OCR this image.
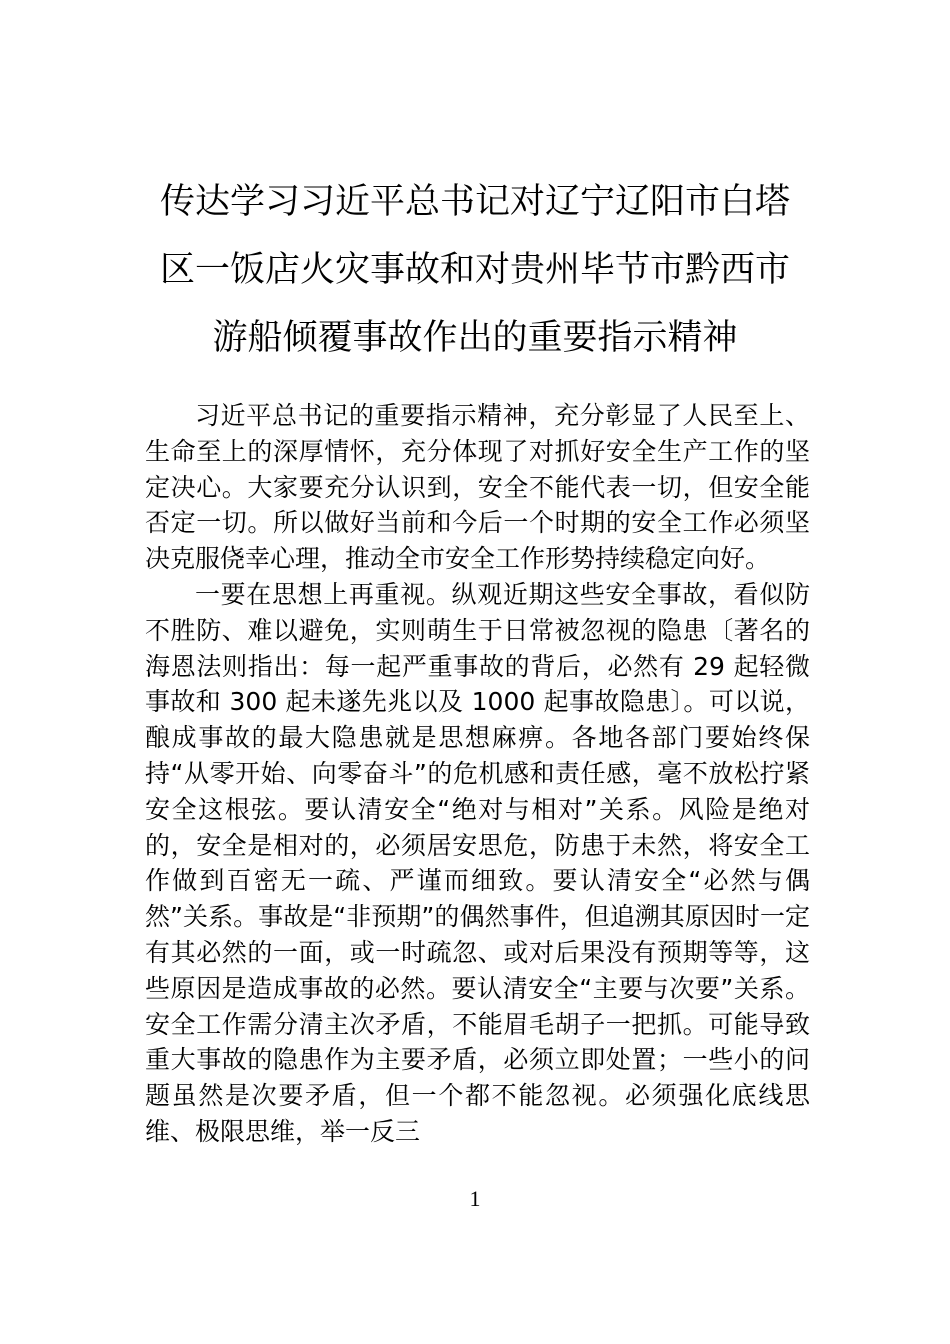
传达学习习近平总书记对辽宁辽阳市白塔
区一饭店火灾事故和对贵州毕节市黔西市
游船倾覆事故作出的重要指示精神

习近平总书记的重要指示精神，充分彰显了人民至上、生命至上的深厚情怀，充分体现了对抓好安全生产工作的坚定决心。大家要充分认识到，安全不能代表一切，但安全能否定一切。所以做好当前和今后一个时期的安全工作必须坚决克服侥幸心理，推动全市安全工作形势持续稳定向好。

一要在思想上再重视。纵观近期这些安全事故，看似防不胜防、难以避免，实则萌生于日常被忽视的隐患〔著名的海恩法则指出：每一起严重事故的背后，必然有 29 起轻微事故和 300 起未遂先兆以及 1000 起事故隐患〕。可以说，酿成事故的最大隐患就是思想麻痹。各地各部门要始终保持“从零开始、向零奋斗”的危机感和责任感，毫不放松拧紧安全这根弦。要认清安全“绝对与相对”关系。风险是绝对的，安全是相对的，必须居安思危，防患于未然，将安全工作做到百密无一疏、严谨而细致。要认清安全“必然与偶然”关系。事故是“非预期”的偶然事件，但追溯其原因时一定有其必然的一面，或一时疏忽、或对后果没有预期等等，这些原因是造成事故的必然。要认清安全“主要与次要”关系。安全工作需分清主次矛盾，不能眉毛胡子一把抓。可能导致重大事故的隐患作为主要矛盾，必须立即处置；一些小的问题虽然是次要矛盾，但一个都不能忽视。必须强化底线思维、极限思维，举一反三

1
